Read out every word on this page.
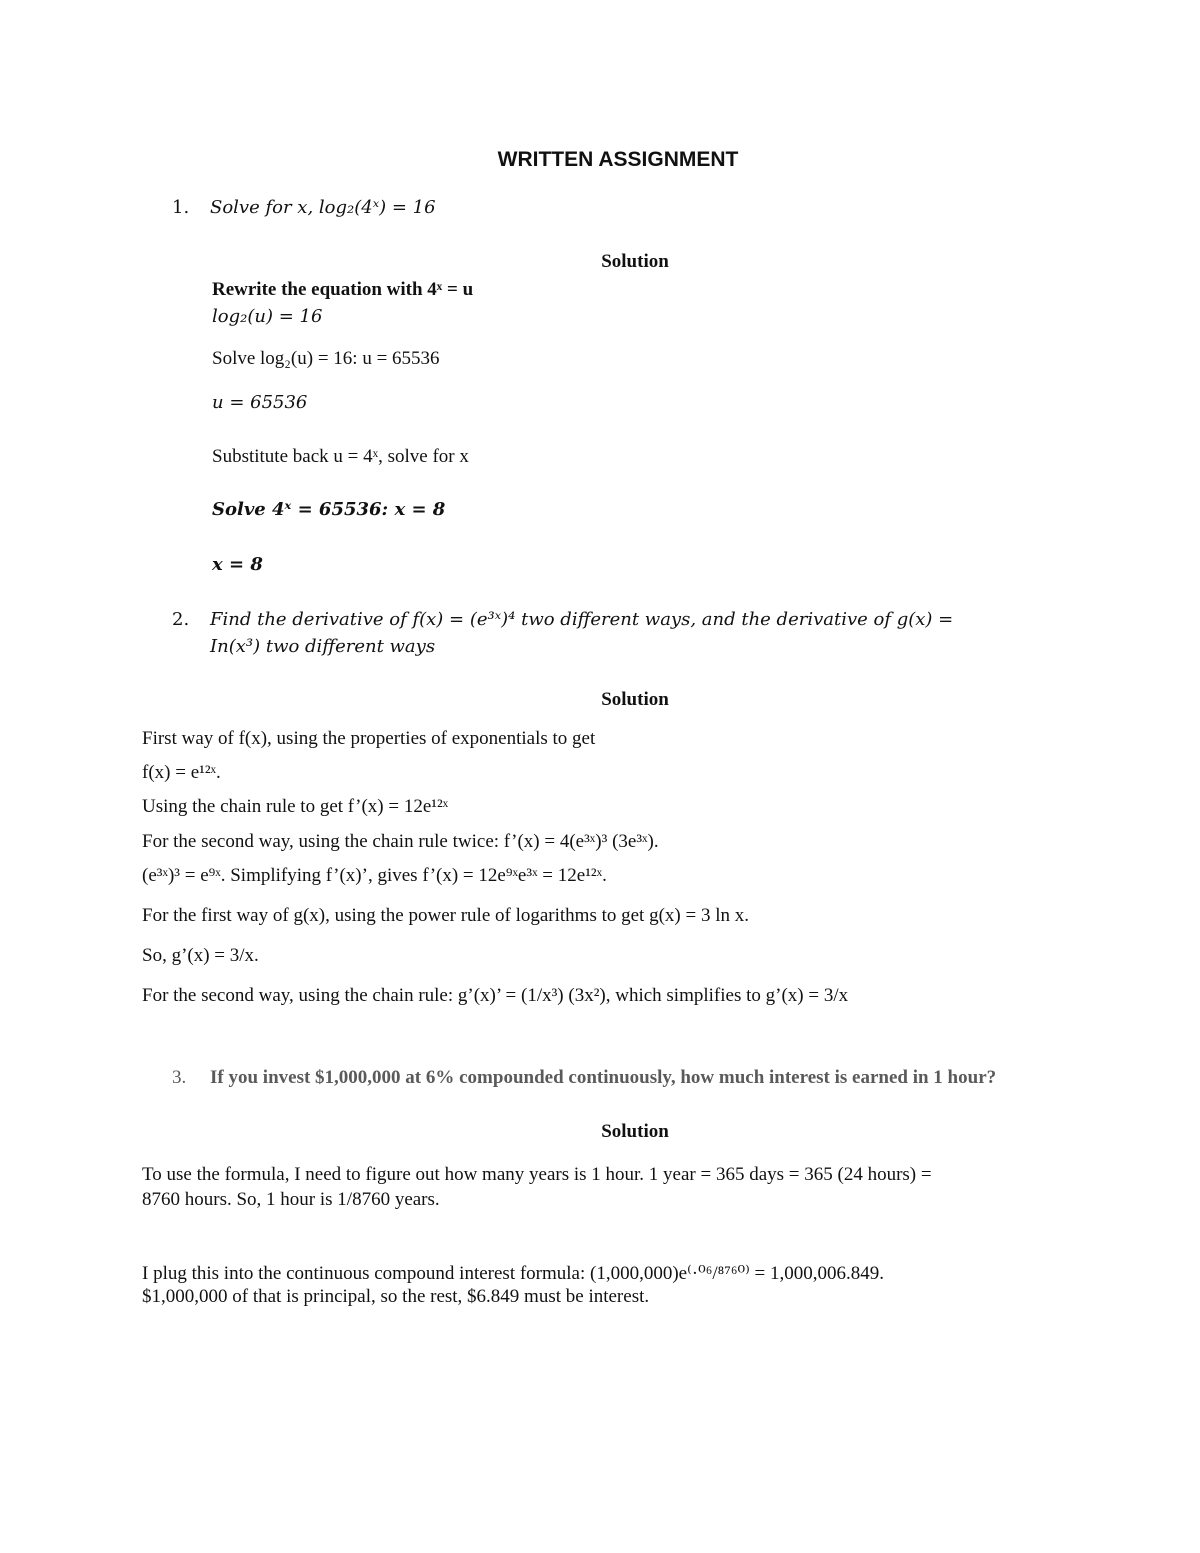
WRITTEN ASSIGNMENT
1. Solve for x, log₂(4ˣ) = 16
Solution
Rewrite the equation with 4ˣ = u
log₂(u) = 16
Solve log₂(u) = 16: u = 65536
u = 65536
Substitute back u = 4ˣ, solve for x
Solve 4ˣ = 65536: x = 8
x = 8
2. Find the derivative of f(x) = (e³ˣ)⁴ two different ways, and the derivative of g(x) =
In(x³) two different ways
Solution
First way of f(x), using the properties of exponentials to get
f(x) = e¹²ˣ.
Using the chain rule to get f’(x) = 12e¹²ˣ
For the second way, using the chain rule twice: f’(x) = 4(e³ˣ)³ (3e³ˣ).
(e³ˣ)³ = e⁹ˣ. Simplifying f’(x)’, gives f’(x) = 12e⁹ˣe³ˣ = 12e¹²ˣ.
For the first way of g(x), using the power rule of logarithms to get g(x) = 3 ln x.
So, g’(x) = 3/x.
For the second way, using the chain rule: g’(x)’ = (1/x³) (3x²), which simplifies to g’(x) = 3/x
3. If you invest $1,000,000 at 6% compounded continuously, how much interest is earned in 1 hour?
Solution
To use the formula, I need to figure out how many years is 1 hour. 1 year = 365 days = 365 (24 hours) =
8760 hours. So, 1 hour is 1/8760 years.
I plug this into the continuous compound interest formula: (1,000,000)e⁽·⁰⁶/⁸⁷⁶⁰⁾ = 1,000,006.849.
$1,000,000 of that is principal, so the rest, $6.849 must be interest.
